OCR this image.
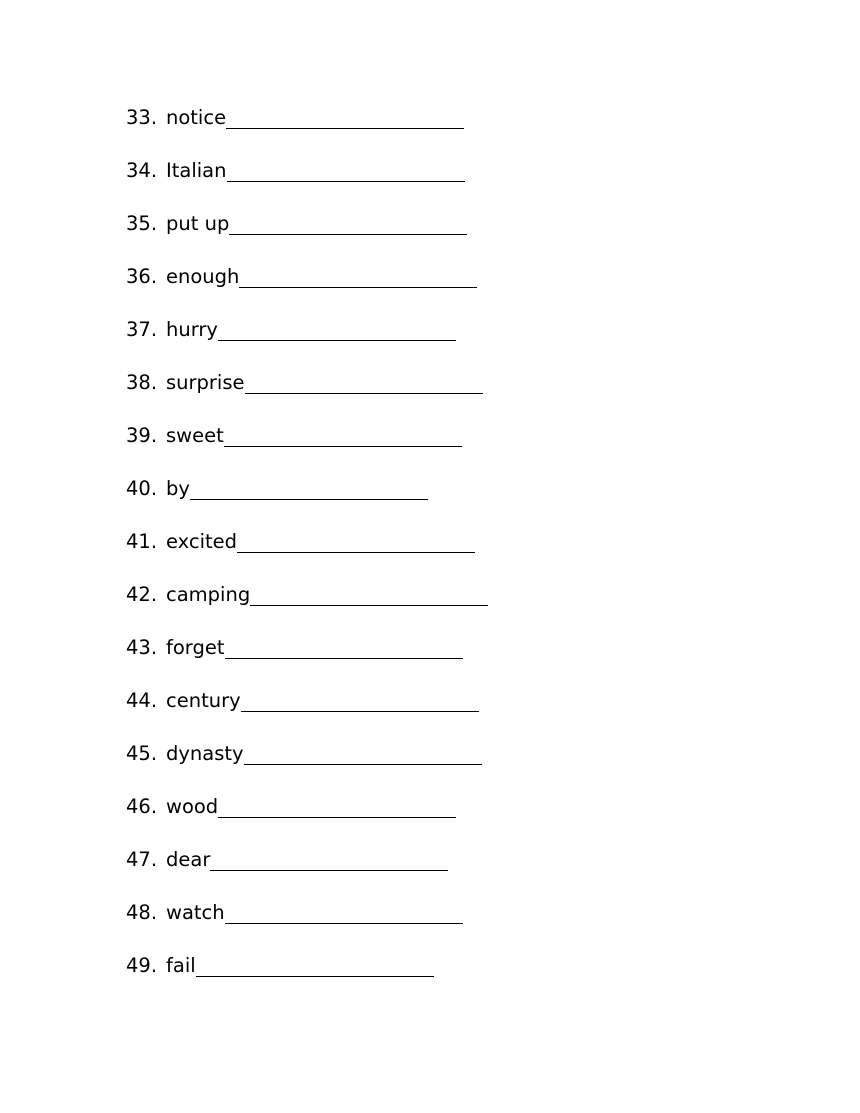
33. notice
34. Italian
35. put up
36. enough
37. hurry
38. surprise
39. sweet
40. by
41. excited
42. camping
43. forget
44. century
45. dynasty
46. wood
47. dear
48. watch
49. fail
